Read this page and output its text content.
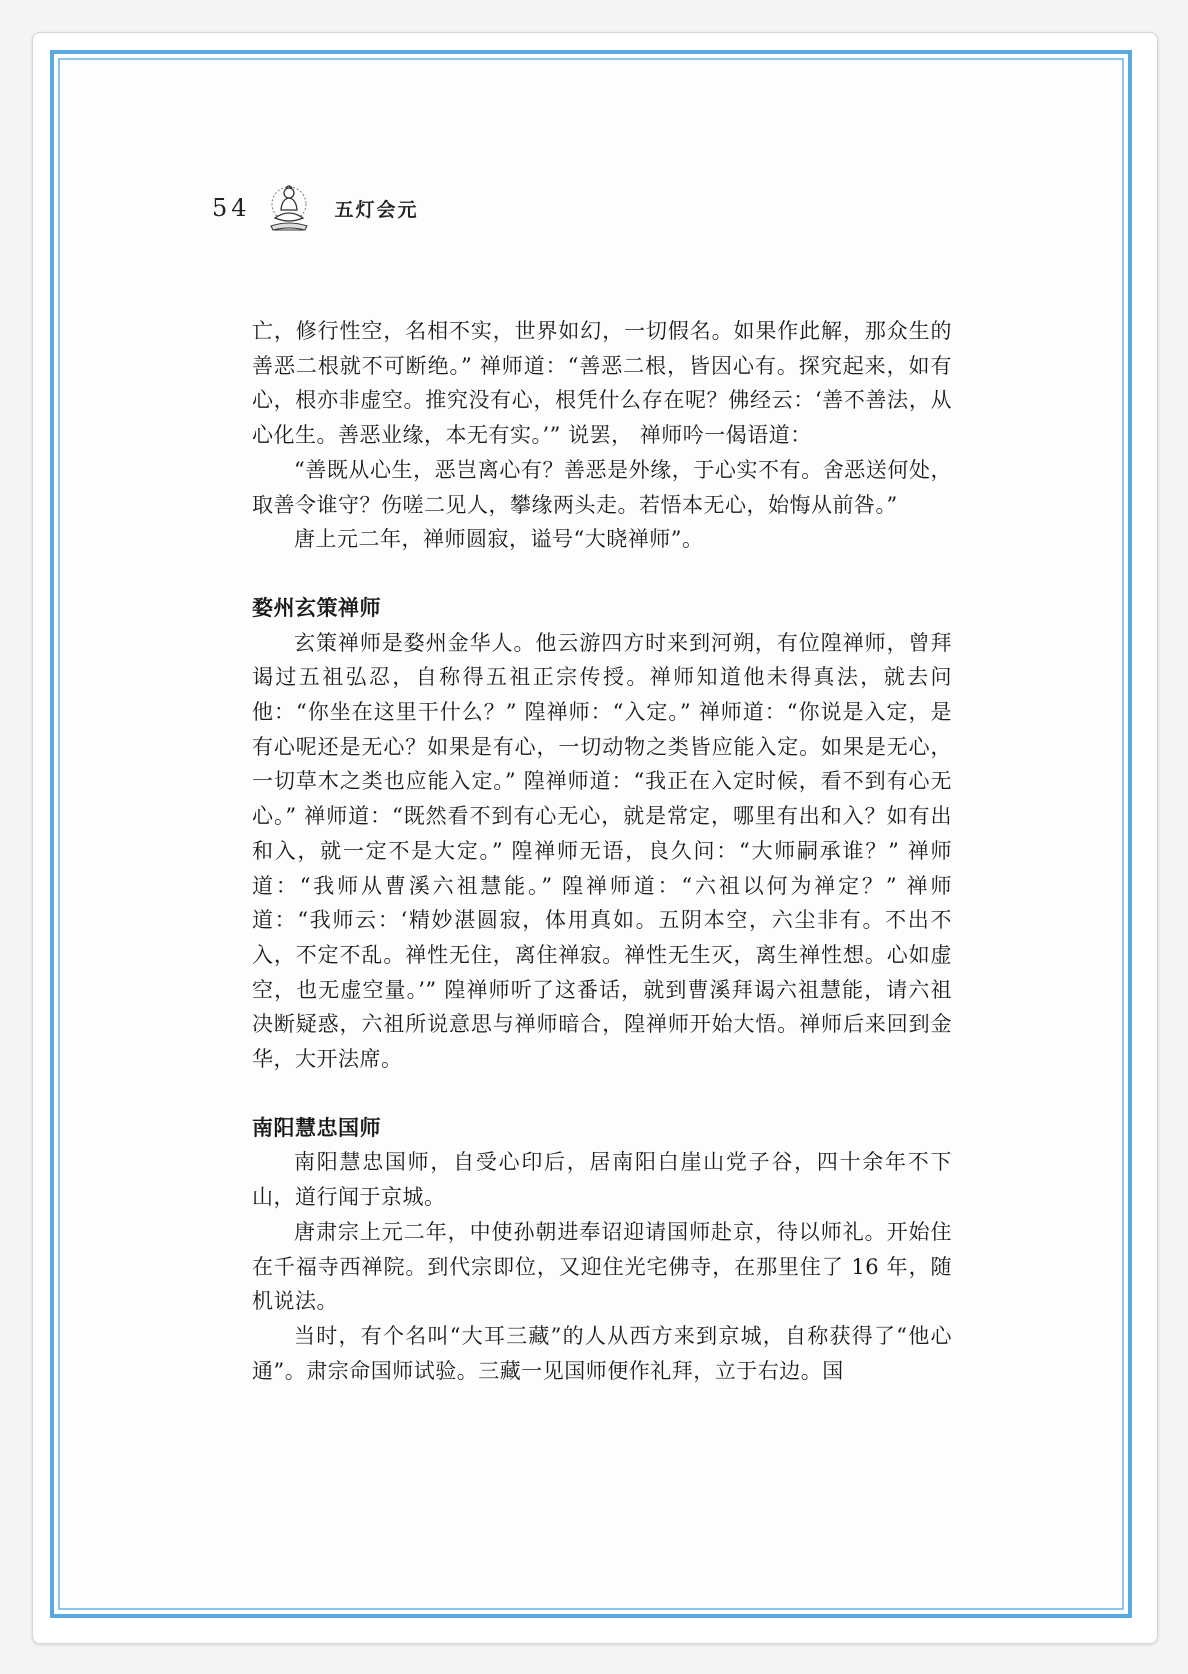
54	五灯会元

亡，修行性空，名相不实，世界如幻，一切假名。如果作此解，那众生的善恶二根就不可断绝。” 禅师道：“善恶二根，皆因心有。探究起来，如有心，根亦非虚空。推究没有心，根凭什么存在呢？佛经云：‘善不善法，从心化生。善恶业缘，本无有实。’” 说罢， 禅师吟一偈语道：

“善既从心生，恶岂离心有？善恶是外缘，于心实不有。舍恶送何处，取善令谁守？伤嗟二见人，攀缘两头走。若悟本无心，始悔从前咎。”

唐上元二年，禅师圆寂，谥号“大晓禅师”。

婺州玄策禅师

玄策禅师是婺州金华人。他云游四方时来到河朔，有位隍禅师，曾拜谒过五祖弘忍，自称得五祖正宗传授。禅师知道他未得真法，就去问他：“你坐在这里干什么？” 隍禅师：“入定。” 禅师道：“你说是入定，是有心呢还是无心？如果是有心，一切动物之类皆应能入定。如果是无心，一切草木之类也应能入定。” 隍禅师道：“我正在入定时候，看不到有心无心。” 禅师道：“既然看不到有心无心，就是常定，哪里有出和入？如有出和入，就一定不是大定。” 隍禅师无语，良久问：“大师嗣承谁？” 禅师道：“我师从曹溪六祖慧能。” 隍禅师道：“六祖以何为禅定？” 禅师道：“我师云：‘精妙湛圆寂，体用真如。五阴本空，六尘非有。不出不入，不定不乱。禅性无住，离住禅寂。禅性无生灭，离生禅性想。心如虚空，也无虚空量。’” 隍禅师听了这番话，就到曹溪拜谒六祖慧能，请六祖决断疑惑，六祖所说意思与禅师暗合，隍禅师开始大悟。禅师后来回到金华，大开法席。

南阳慧忠国师

南阳慧忠国师，自受心印后，居南阳白崖山党子谷，四十余年不下山，道行闻于京城。

唐肃宗上元二年，中使孙朝进奉诏迎请国师赴京，待以师礼。开始住在千福寺西禅院。到代宗即位，又迎住光宅佛寺，在那里住了 16 年，随机说法。

当时，有个名叫“大耳三藏”的人从西方来到京城，自称获得了“他心通”。肃宗命国师试验。三藏一见国师便作礼拜，立于右边。国
